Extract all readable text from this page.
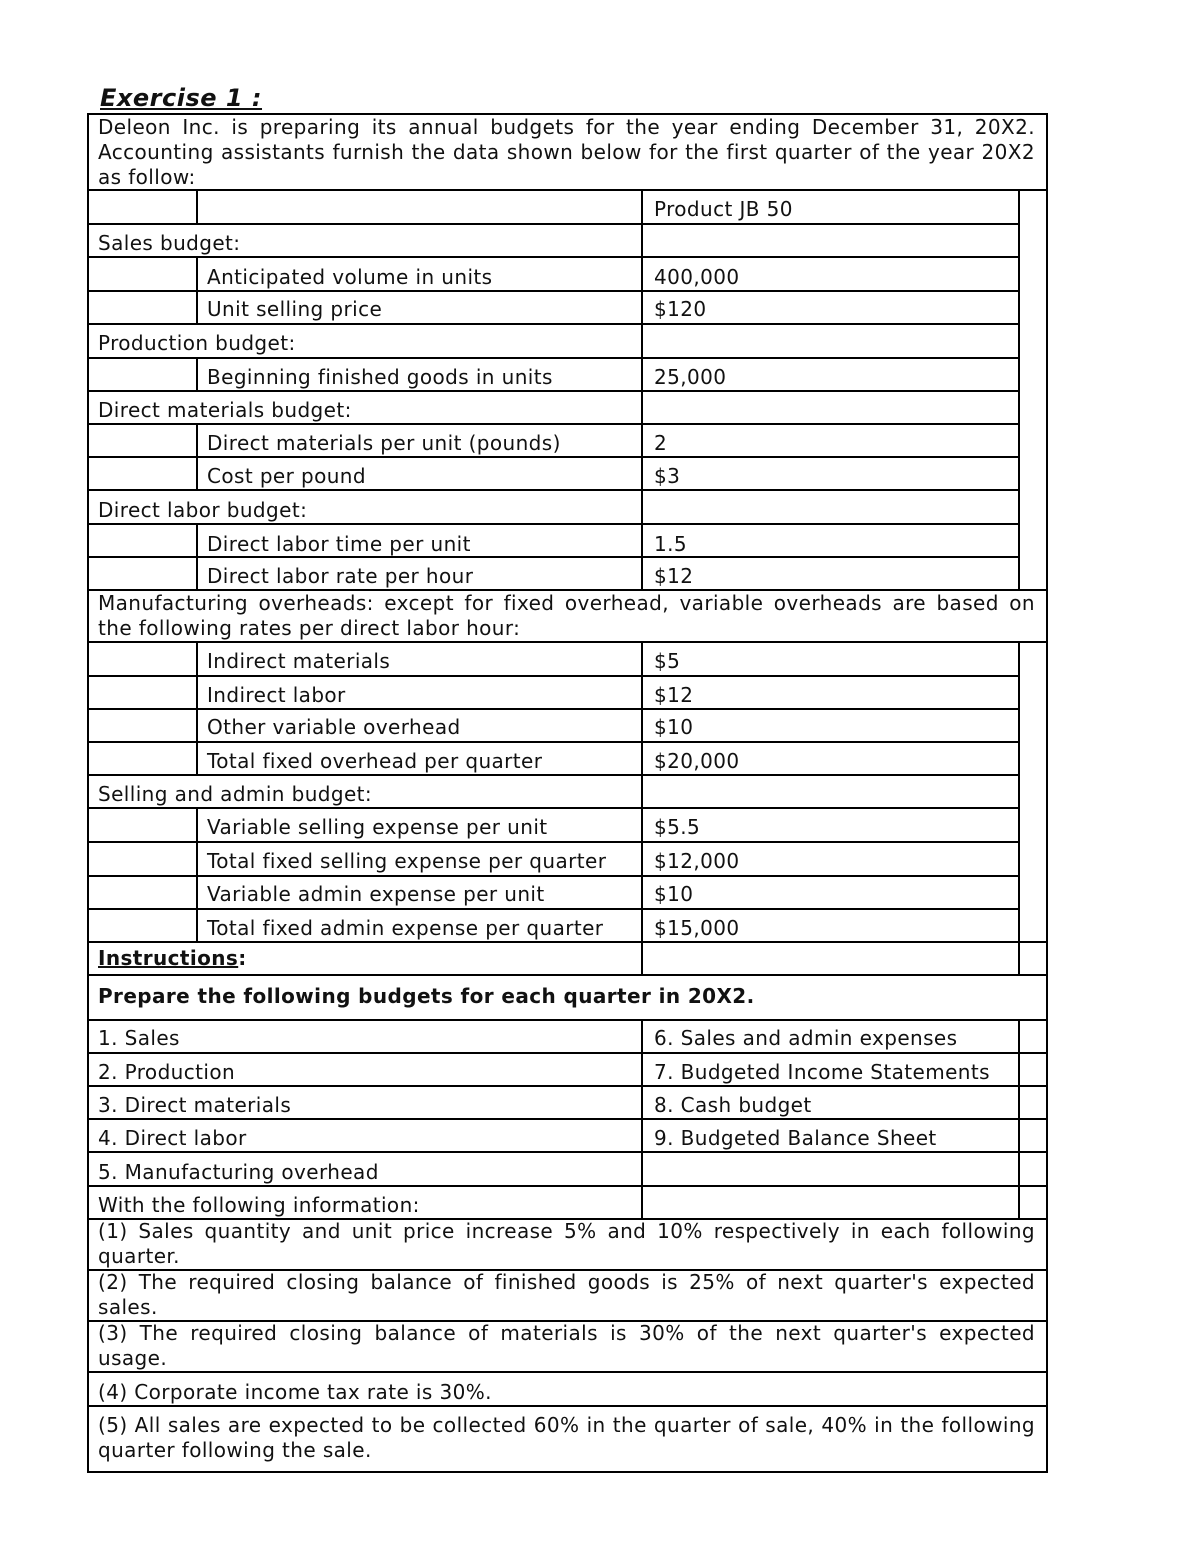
Exercise 1 :
Deleon Inc. is preparing its annual budgets for the year ending December 31, 20X2. Accounting assistants furnish the data shown below for the first quarter of the year 20X2 as follow:
Product JB 50
Sales budget:
Anticipated volume in units	400,000
Unit selling price	$120
Production budget:
Beginning finished goods in units	25,000
Direct materials budget:
Direct materials per unit (pounds)	2
Cost per pound	$3
Direct labor budget:
Direct labor time per unit	1.5
Direct labor rate per hour	$12
Manufacturing overheads: except for fixed overhead, variable overheads are based on the following rates per direct labor hour:
Indirect materials	$5
Indirect labor	$12
Other variable overhead	$10
Total fixed overhead per quarter	$20,000
Selling and admin budget:
Variable selling expense per unit	$5.5
Total fixed selling expense per quarter $12,000
Variable admin expense per unit	$10
Total fixed admin expense per quarter	$15,000
Instructions:
Prepare the following budgets for each quarter in 20X2.
1. Sales	6. Sales and admin expenses
2. Production	7. Budgeted Income Statements
3. Direct materials	8. Cash budget
4. Direct labor	9. Budgeted Balance Sheet
5. Manufacturing overhead
With the following information:
(1) Sales quantity and unit price increase 5% and 10% respectively in each following quarter.
(2) The required closing balance of finished goods is 25% of next quarter's expected sales.
(3) The required closing balance of materials is 30% of the next quarter's expected usage.
(4) Corporate income tax rate is 30%.
(5) All sales are expected to be collected 60% in the quarter of sale, 40% in the following quarter following the sale.
